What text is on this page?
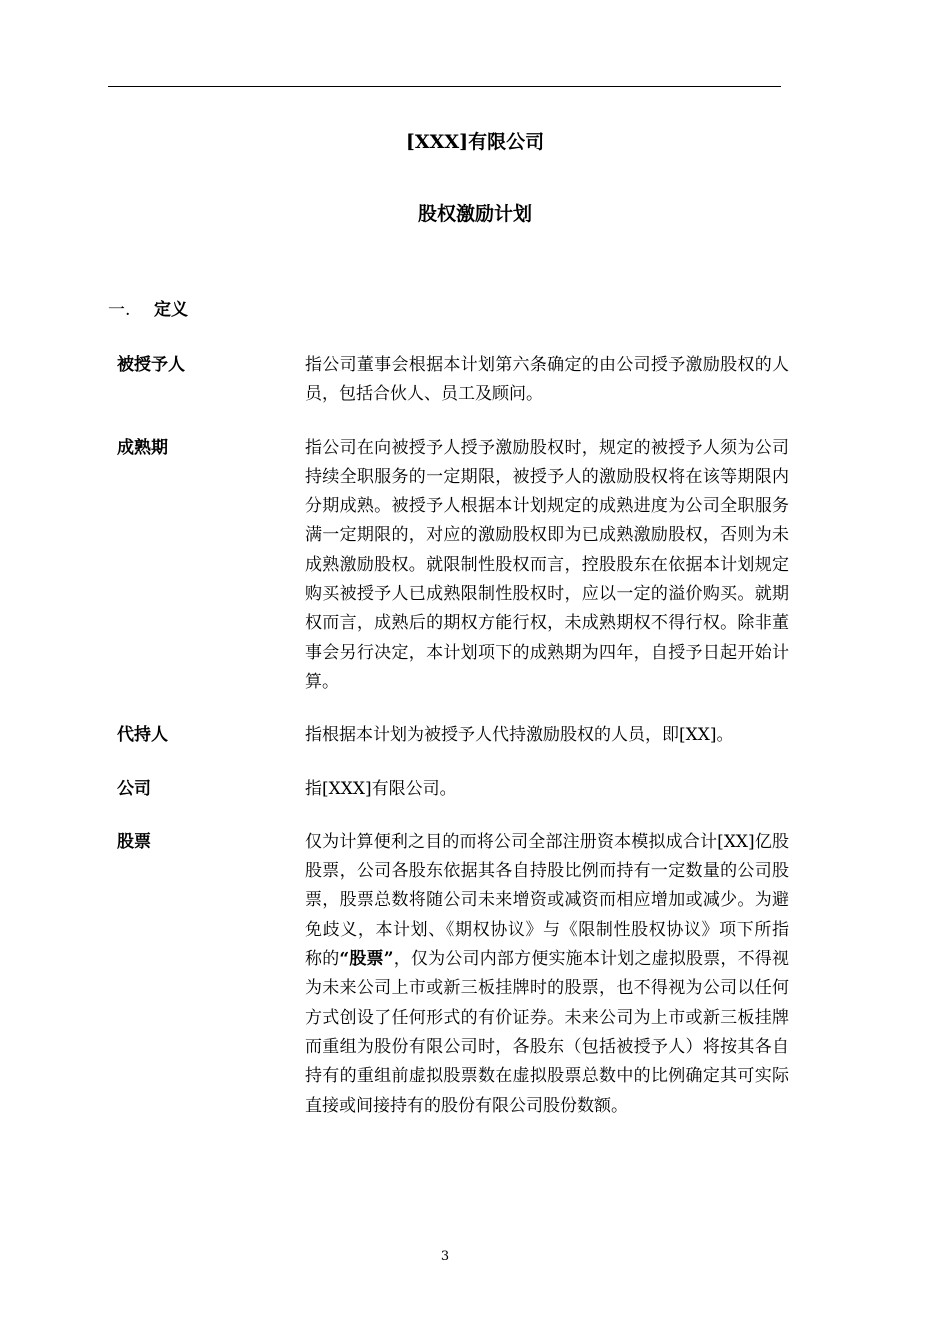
[XXX]有限公司
股权激励计划
一. 定义
被授予人	指公司董事会根据本计划第六条确定的由公司授予激励股权的人员，包括合伙人、员工及顾问。
成熟期	指公司在向被授予人授予激励股权时，规定的被授予人须为公司持续全职服务的一定期限，被授予人的激励股权将在该等期限内分期成熟。被授予人根据本计划规定的成熟进度为公司全职服务满一定期限的，对应的激励股权即为已成熟激励股权，否则为未成熟激励股权。就限制性股权而言，控股股东在依据本计划规定购买被授予人已成熟限制性股权时，应以一定的溢价购买。就期权而言，成熟后的期权方能行权，未成熟期权不得行权。除非董事会另行决定，本计划项下的成熟期为四年，自授予日起开始计算。
代持人	指根据本计划为被授予人代持激励股权的人员，即[XX]。
公司	指[XXX]有限公司。
股票	仅为计算便利之目的而将公司全部注册资本模拟成合计[XX]亿股股票，公司各股东依据其各自持股比例而持有一定数量的公司股票，股票总数将随公司未来增资或减资而相应增加或减少。为避免歧义，本计划、《期权协议》与《限制性股权协议》项下所指称的“股票”，仅为公司内部方便实施本计划之虚拟股票，不得视为未来公司上市或新三板挂牌时的股票，也不得视为公司以任何方式创设了任何形式的有价证券。未来公司为上市或新三板挂牌而重组为股份有限公司时，各股东（包括被授予人）将按其各自持有的重组前虚拟股票数在虚拟股票总数中的比例确定其可实际直接或间接持有的股份有限公司股份数额。
3
